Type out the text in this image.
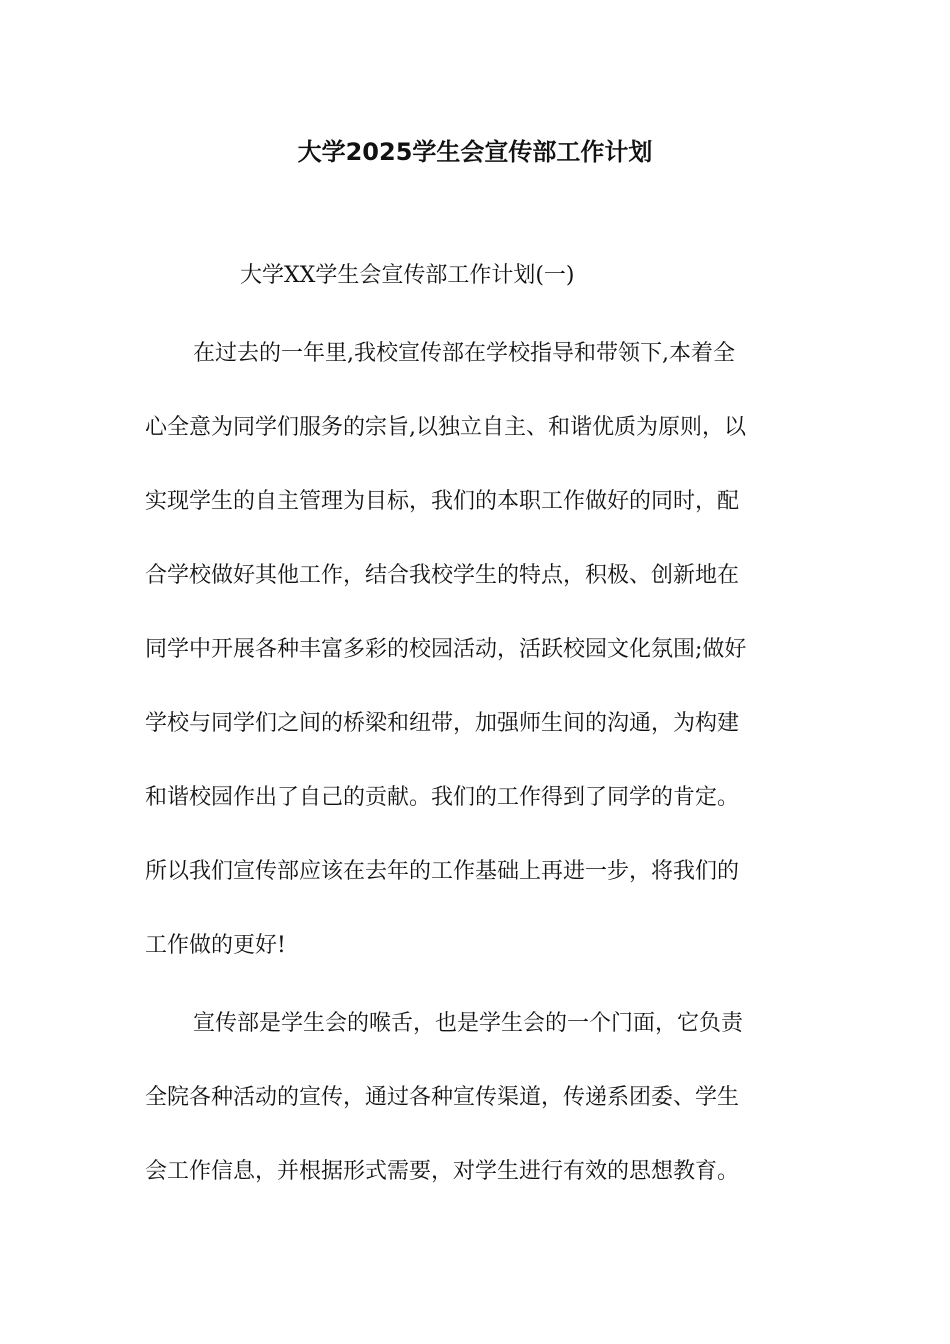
大学2025学生会宣传部工作计划

大学XX学生会宣传部工作计划(一)

在过去的一年里,我校宣传部在学校指导和带领下,本着全

心全意为同学们服务的宗旨,以独立自主、和谐优质为原则，以

实现学生的自主管理为目标，我们的本职工作做好的同时，配

合学校做好其他工作，结合我校学生的特点，积极、创新地在

同学中开展各种丰富多彩的校园活动，活跃校园文化氛围;做好

学校与同学们之间的桥梁和纽带，加强师生间的沟通，为构建

和谐校园作出了自己的贡献。我们的工作得到了同学的肯定。

所以我们宣传部应该在去年的工作基础上再进一步，将我们的

工作做的更好!

宣传部是学生会的喉舌，也是学生会的一个门面，它负责

全院各种活动的宣传，通过各种宣传渠道，传递系团委、学生

会工作信息，并根据形式需要，对学生进行有效的思想教育。
